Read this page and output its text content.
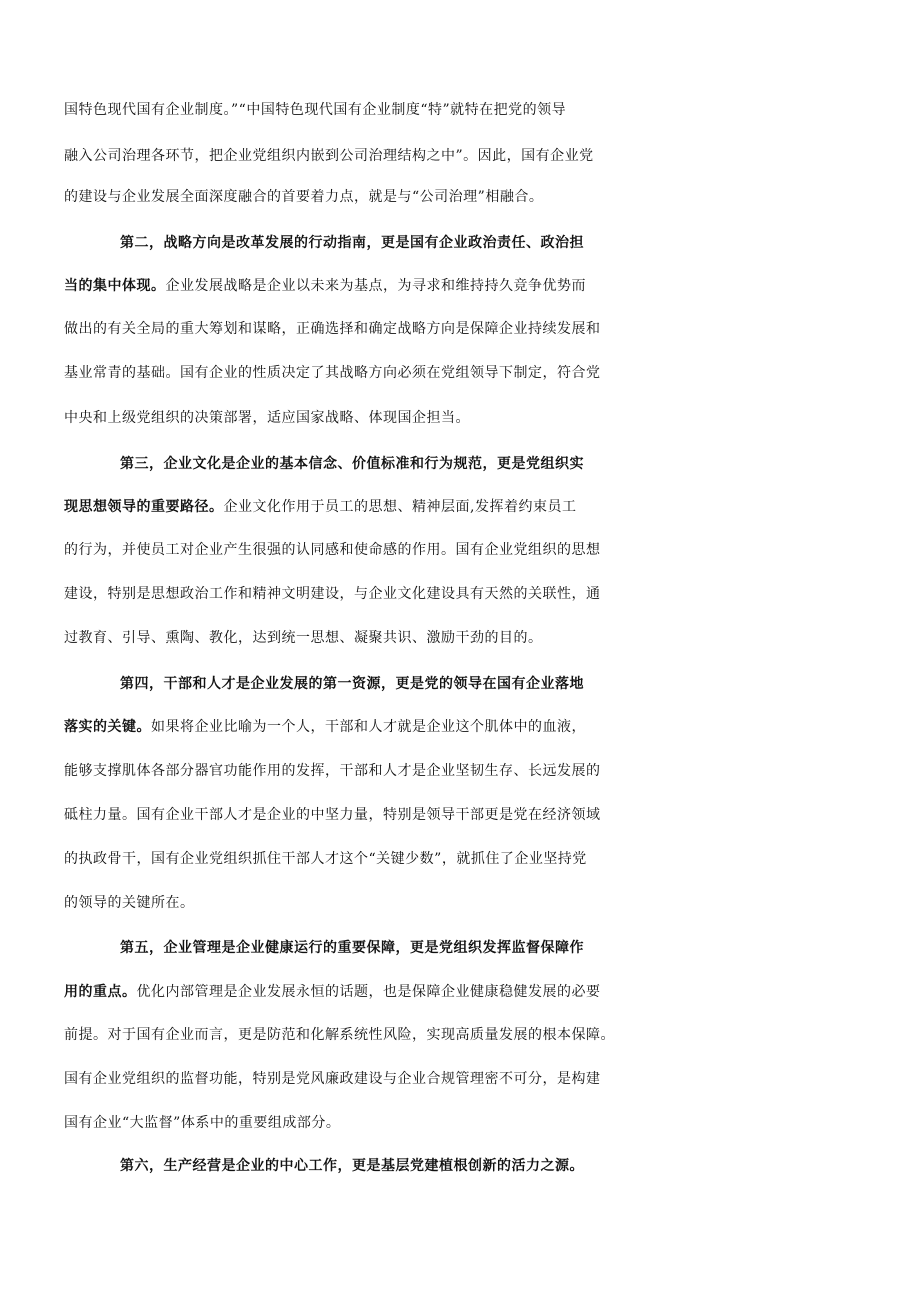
国特色现代国有企业制度。”“中国特色现代国有企业制度“特”就特在把党的领导
融入公司治理各环节，把企业党组织内嵌到公司治理结构之中”。因此，国有企业党
的建设与企业发展全面深度融合的首要着力点，就是与“公司治理”相融合。
第二，战略方向是改革发展的行动指南，更是国有企业政治责任、政治担
当的集中体现。企业发展战略是企业以未来为基点，为寻求和维持持久竞争优势而
做出的有关全局的重大筹划和谋略，正确选择和确定战略方向是保障企业持续发展和
基业常青的基础。国有企业的性质决定了其战略方向必须在党组领导下制定，符合党
中央和上级党组织的决策部署，适应国家战略、体现国企担当。
第三，企业文化是企业的基本信念、价值标准和行为规范，更是党组织实
现思想领导的重要路径。企业文化作用于员工的思想、精神层面,发挥着约束员工
的行为，并使员工对企业产生很强的认同感和使命感的作用。国有企业党组织的思想
建设，特别是思想政治工作和精神文明建设，与企业文化建设具有天然的关联性，通
过教育、引导、熏陶、教化，达到统一思想、凝聚共识、激励干劲的目的。
第四，干部和人才是企业发展的第一资源，更是党的领导在国有企业落地
落实的关键。如果将企业比喻为一个人，干部和人才就是企业这个肌体中的血液，
能够支撑肌体各部分器官功能作用的发挥，干部和人才是企业坚韧生存、长远发展的
砥柱力量。国有企业干部人才是企业的中坚力量，特别是领导干部更是党在经济领域
的执政骨干，国有企业党组织抓住干部人才这个“关键少数”，就抓住了企业坚持党
的领导的关键所在。
第五，企业管理是企业健康运行的重要保障，更是党组织发挥监督保障作
用的重点。优化内部管理是企业发展永恒的话题，也是保障企业健康稳健发展的必要
前提。对于国有企业而言，更是防范和化解系统性风险，实现高质量发展的根本保障。
国有企业党组织的监督功能，特别是党风廉政建设与企业合规管理密不可分，是构建
国有企业“大监督”体系中的重要组成部分。
第六，生产经营是企业的中心工作，更是基层党建植根创新的活力之源。
